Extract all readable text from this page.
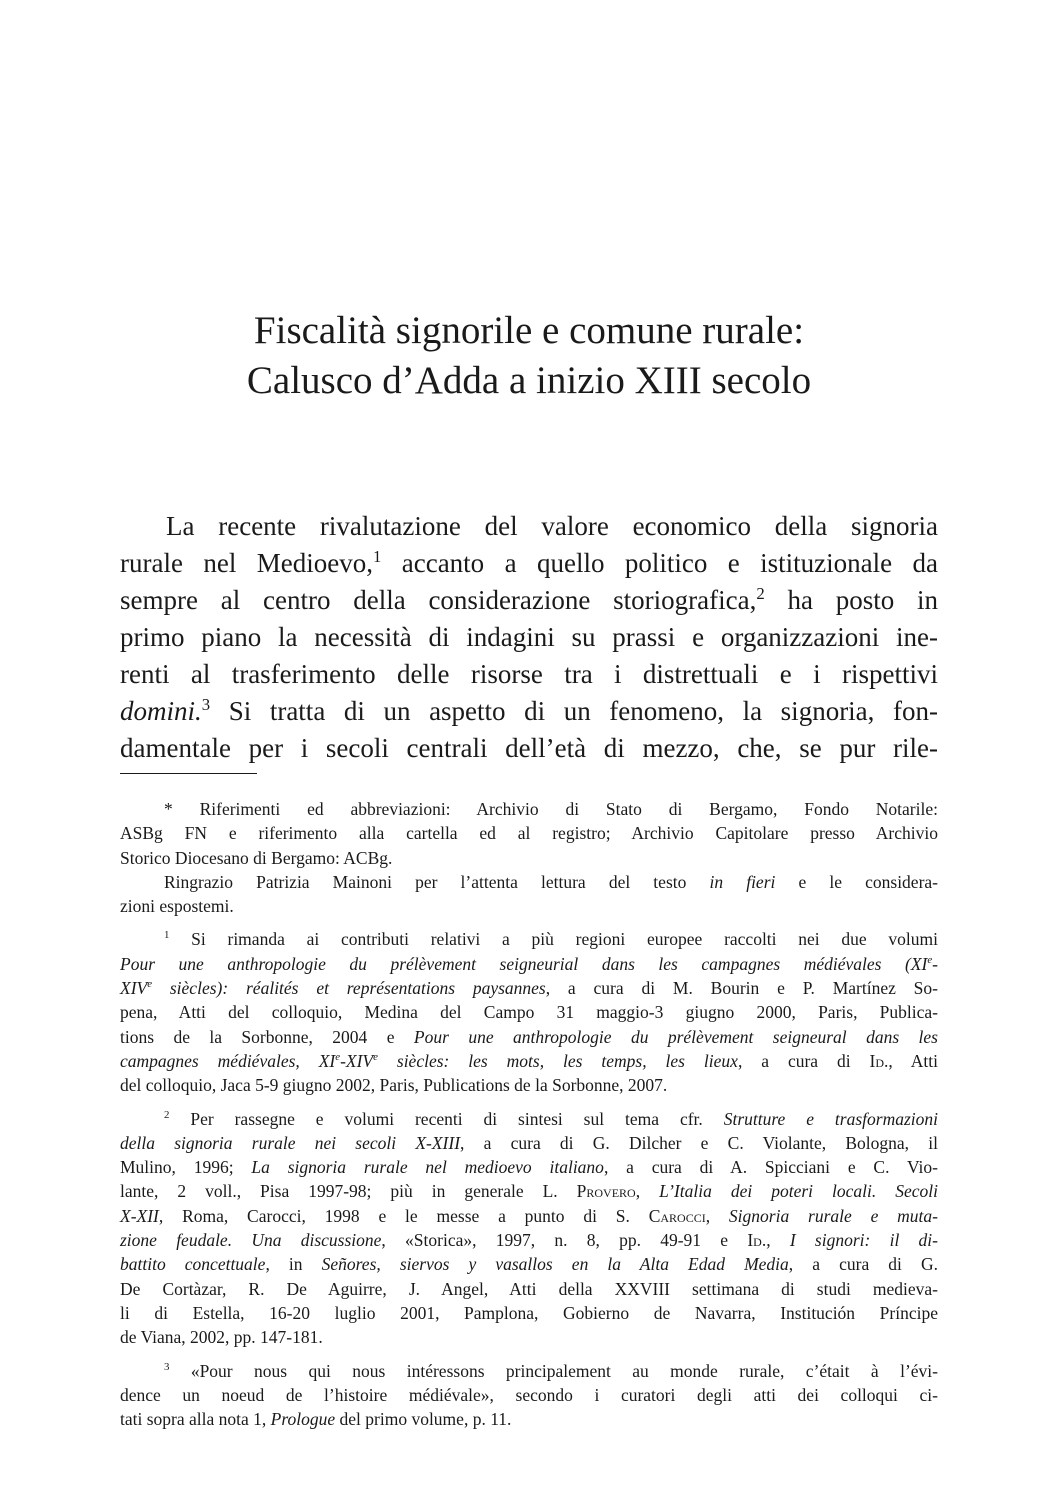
Fiscalità signorile e comune rurale:
Calusco d’Adda a inizio XIII secolo
La recente rivalutazione del valore economico della signoria
rurale nel Medioevo,$^1$ accanto a quello politico e istituzionale da
sempre al centro della considerazione storiografica,$^2$ ha posto in
primo piano la necessità di indagini su prassi e organizzazioni ine-
renti al trasferimento delle risorse tra i distrettuali e i rispettivi
domini.$^3$ Si tratta di un aspetto di un fenomeno, la signoria, fon-
damentale per i secoli centrali dell’età di mezzo, che, se pur rile-
* Riferimenti ed abbreviazioni: Archivio di Stato di Bergamo, Fondo Notarile:
ASBg FN e riferimento alla cartella ed al registro; Archivio Capitolare presso Archivio
Storico Diocesano di Bergamo: ACBg.
Ringrazio Patrizia Mainoni per l’attenta lettura del testo in fieri e le considera-
zioni espostemi.
$^1$ Si rimanda ai contributi relativi a più regioni europee raccolti nei due volumi
Pour une anthropologie du prélèvement seigneurial dans les campagnes médiévales (XIe-
XIVe siècles): réalités et représentations paysannes, a cura di M. Bourin e P. Martínez So-
pena, Atti del colloquio, Medina del Campo 31 maggio-3 giugno 2000, Paris, Publica-
tions de la Sorbonne, 2004 e Pour une anthropologie du prélèvement seigneural dans les
campagnes médiévales, XIe-XIVe siècles: les mots, les temps, les lieux, a cura di Id., Atti
del colloquio, Jaca 5-9 giugno 2002, Paris, Publications de la Sorbonne, 2007.
$^2$ Per rassegne e volumi recenti di sintesi sul tema cfr. Strutture e trasformazioni
della signoria rurale nei secoli X-XIII, a cura di G. Dilcher e C. Violante, Bologna, il
Mulino, 1996; La signoria rurale nel medioevo italiano, a cura di A. Spicciani e C. Vio-
lante, 2 voll., Pisa 1997-98; più in generale L. Provero, L’Italia dei poteri locali. Secoli
X-XII, Roma, Carocci, 1998 e le messe a punto di S. Carocci, Signoria rurale e muta-
zione feudale. Una discussione, «Storica», 1997, n. 8, pp. 49-91 e Id., I signori: il di-
battito concettuale, in Señores, siervos y vasallos en la Alta Edad Media, a cura di G.
De Cortàzar, R. De Aguirre, J. Angel, Atti della XXVIII settimana di studi medieva-
li di Estella, 16-20 luglio 2001, Pamplona, Gobierno de Navarra, Institución Príncipe
de Viana, 2002, pp. 147-181.
$^3$ «Pour nous qui nous intéressons principalement au monde rurale, c’était à l’évi-
dence un noeud de l’histoire médiévale», secondo i curatori degli atti dei colloqui ci-
tati sopra alla nota 1, Prologue del primo volume, p. 11.
